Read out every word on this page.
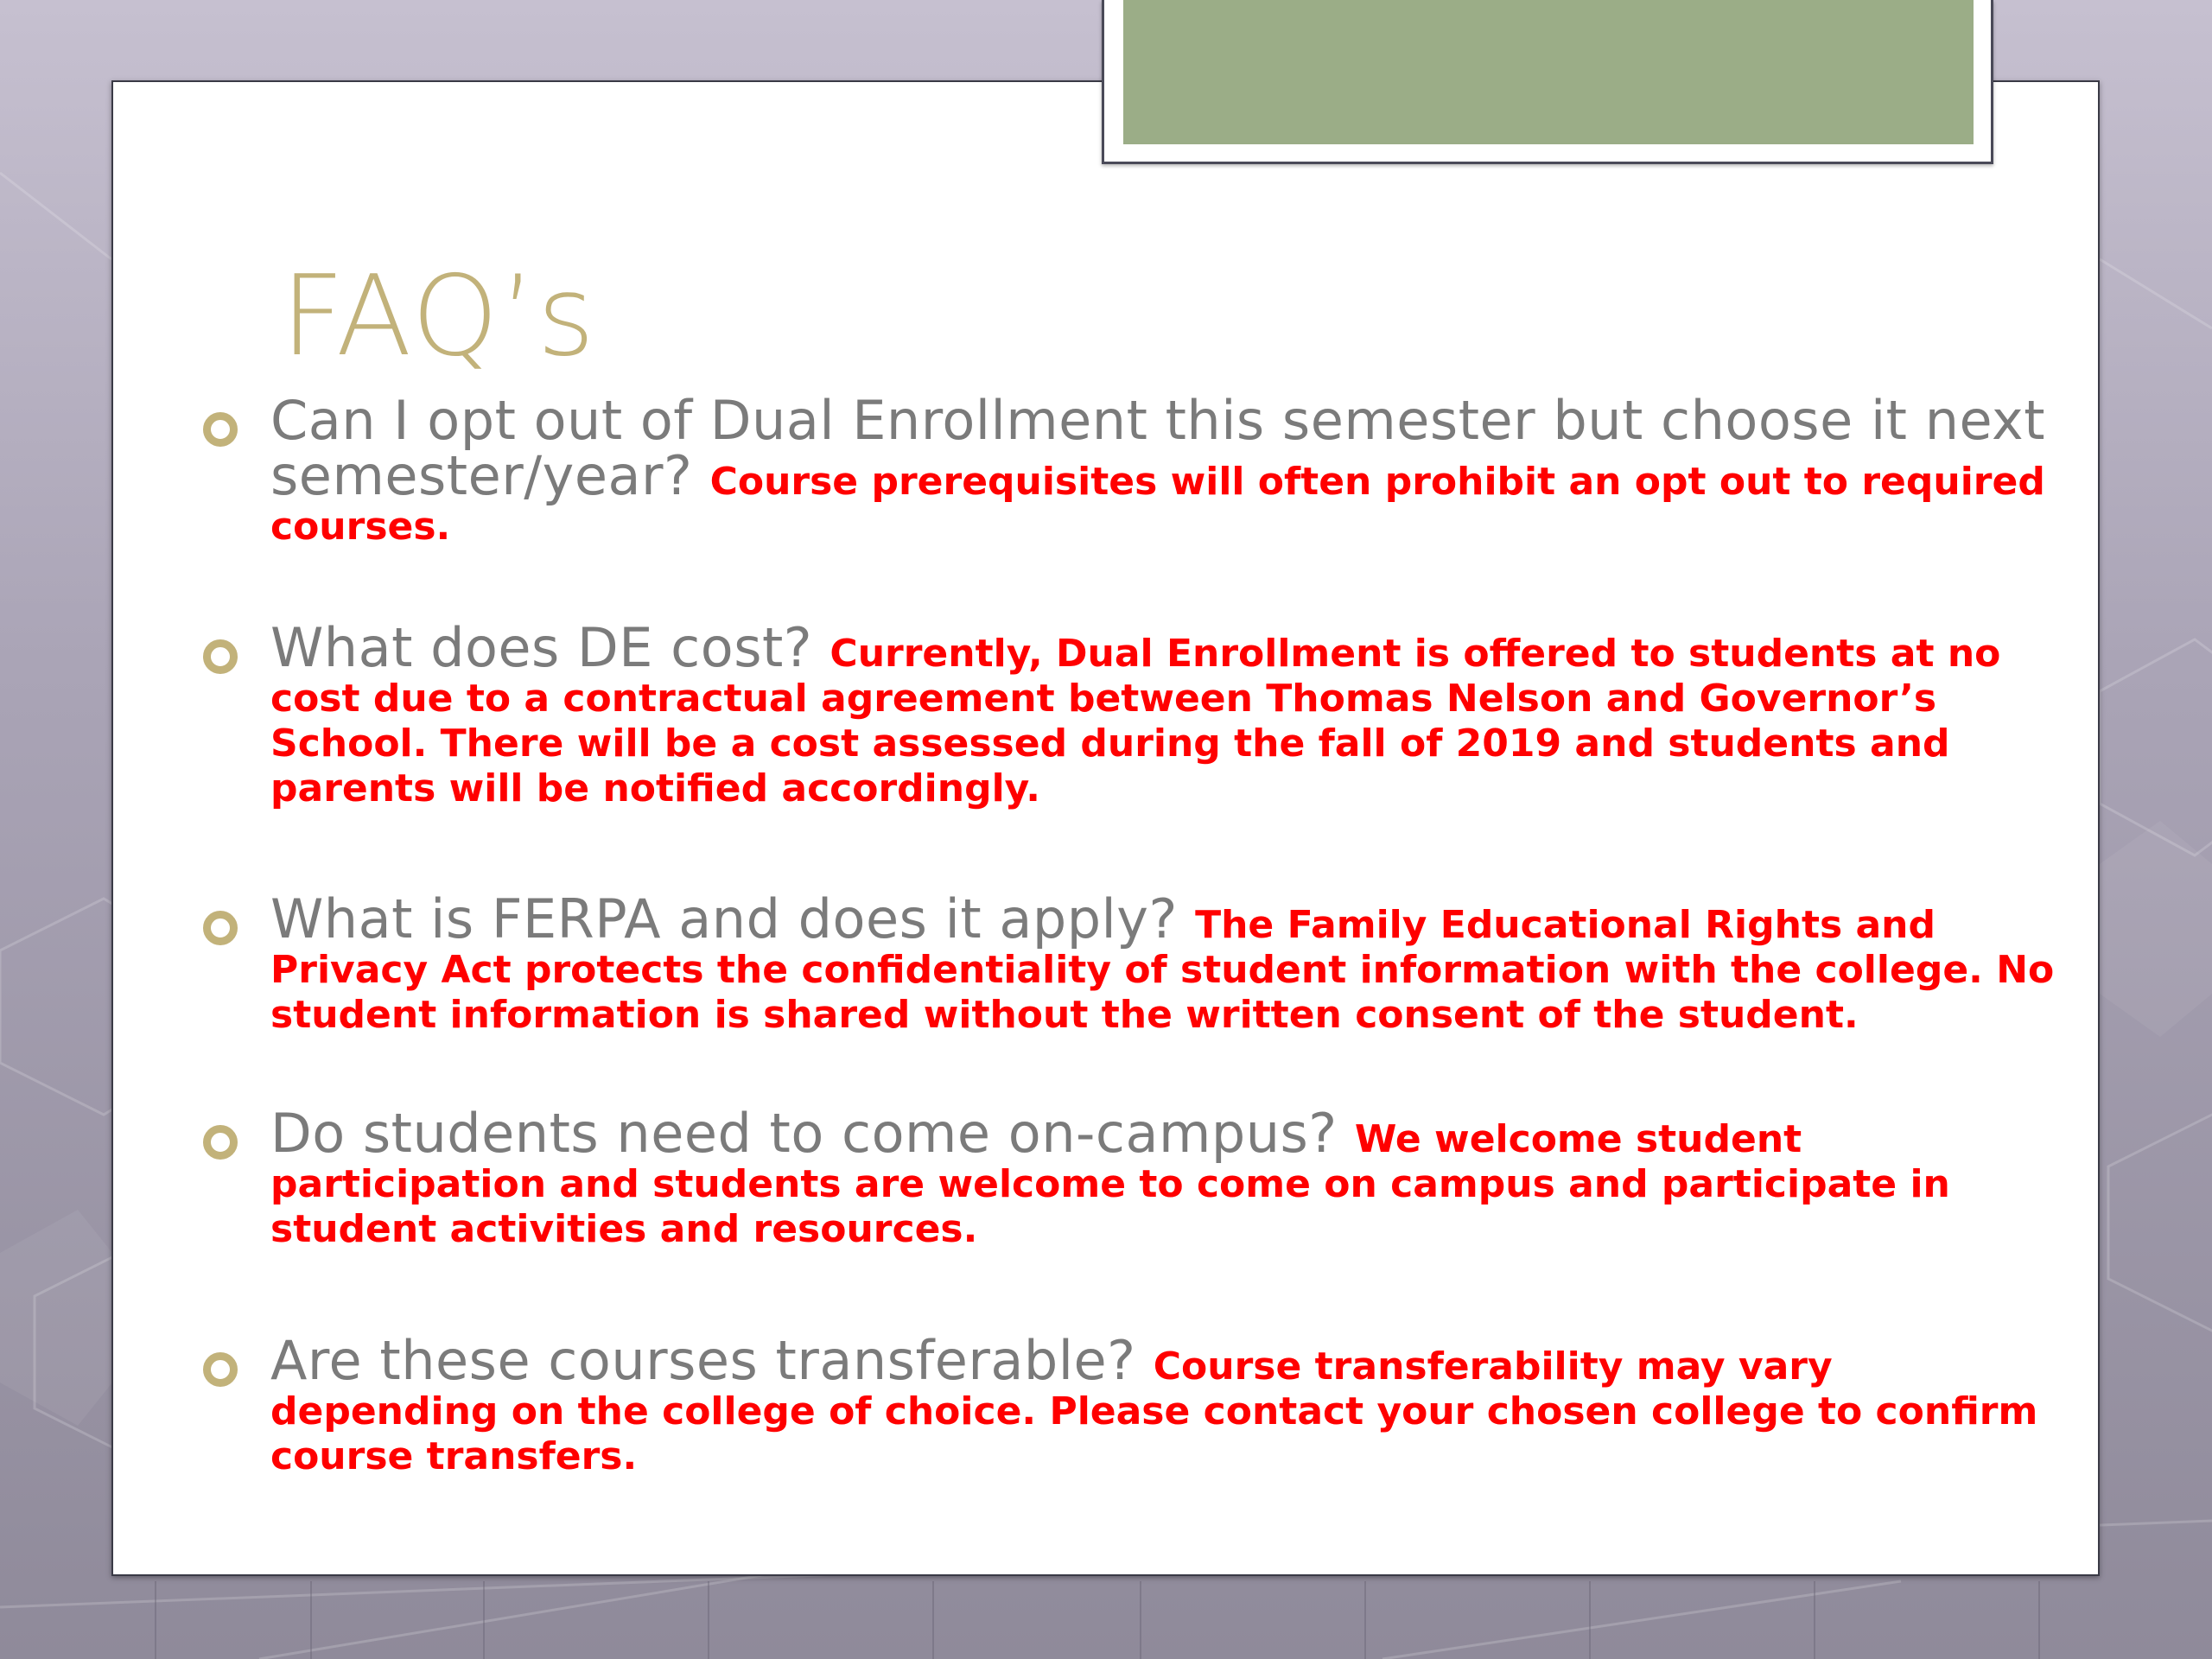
FAQ’s
Can I opt out of Dual Enrollment this semester but choose it next semester/year? Course prerequisites will often prohibit an opt out to required courses.
What does DE cost? Currently, Dual Enrollment is offered to students at no cost due to a contractual agreement between Thomas Nelson and Governor’s School. There will be a cost assessed during the fall of 2019 and students and parents will be notified accordingly.
What is FERPA and does it apply? The Family Educational Rights and Privacy Act protects the confidentiality of student information with the college. No student information is shared without the written consent of the student.
Do students need to come on-campus? We welcome student participation and students are welcome to come on campus and participate in student activities and resources.
Are these courses transferable? Course transferability may vary depending on the college of choice. Please contact your chosen college to confirm course transfers.
